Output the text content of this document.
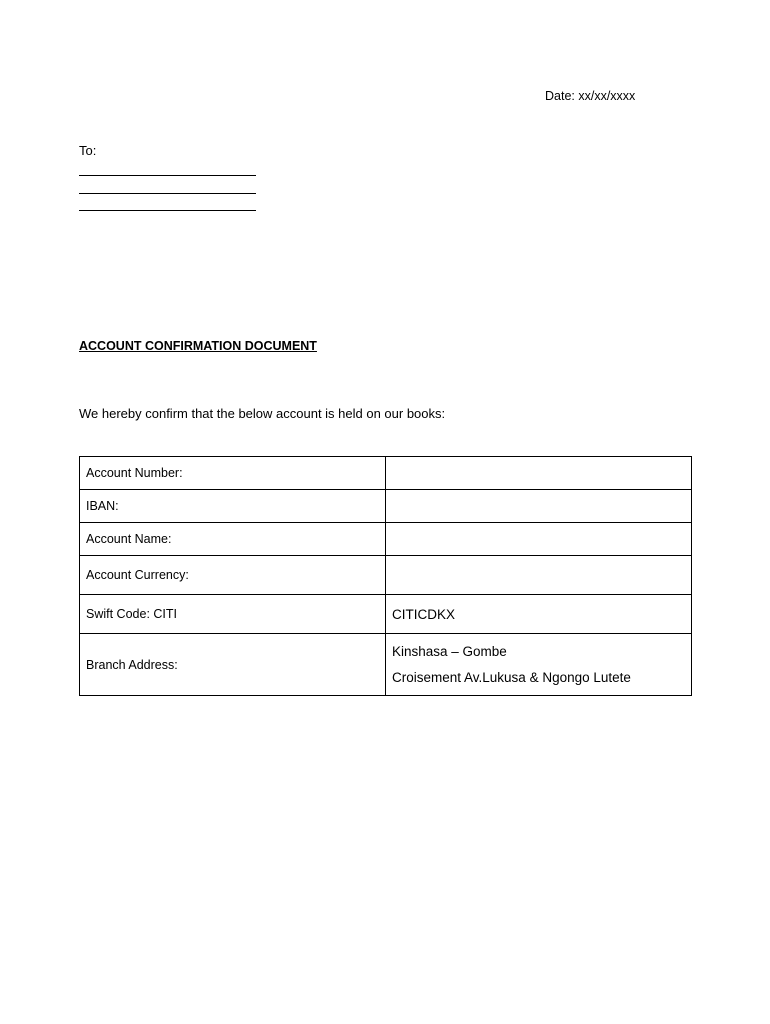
Date: xx/xx/xxxx
To:
ACCOUNT CONFIRMATION DOCUMENT
We hereby confirm that the below account is held on our books:
Account Number:	
IBAN:	
Account Name:	
Account Currency:	
Swift Code: CITI	CITICDKX
Branch Address:	Kinshasa – Gombe
Croisement Av.Lukusa & Ngongo Lutete
